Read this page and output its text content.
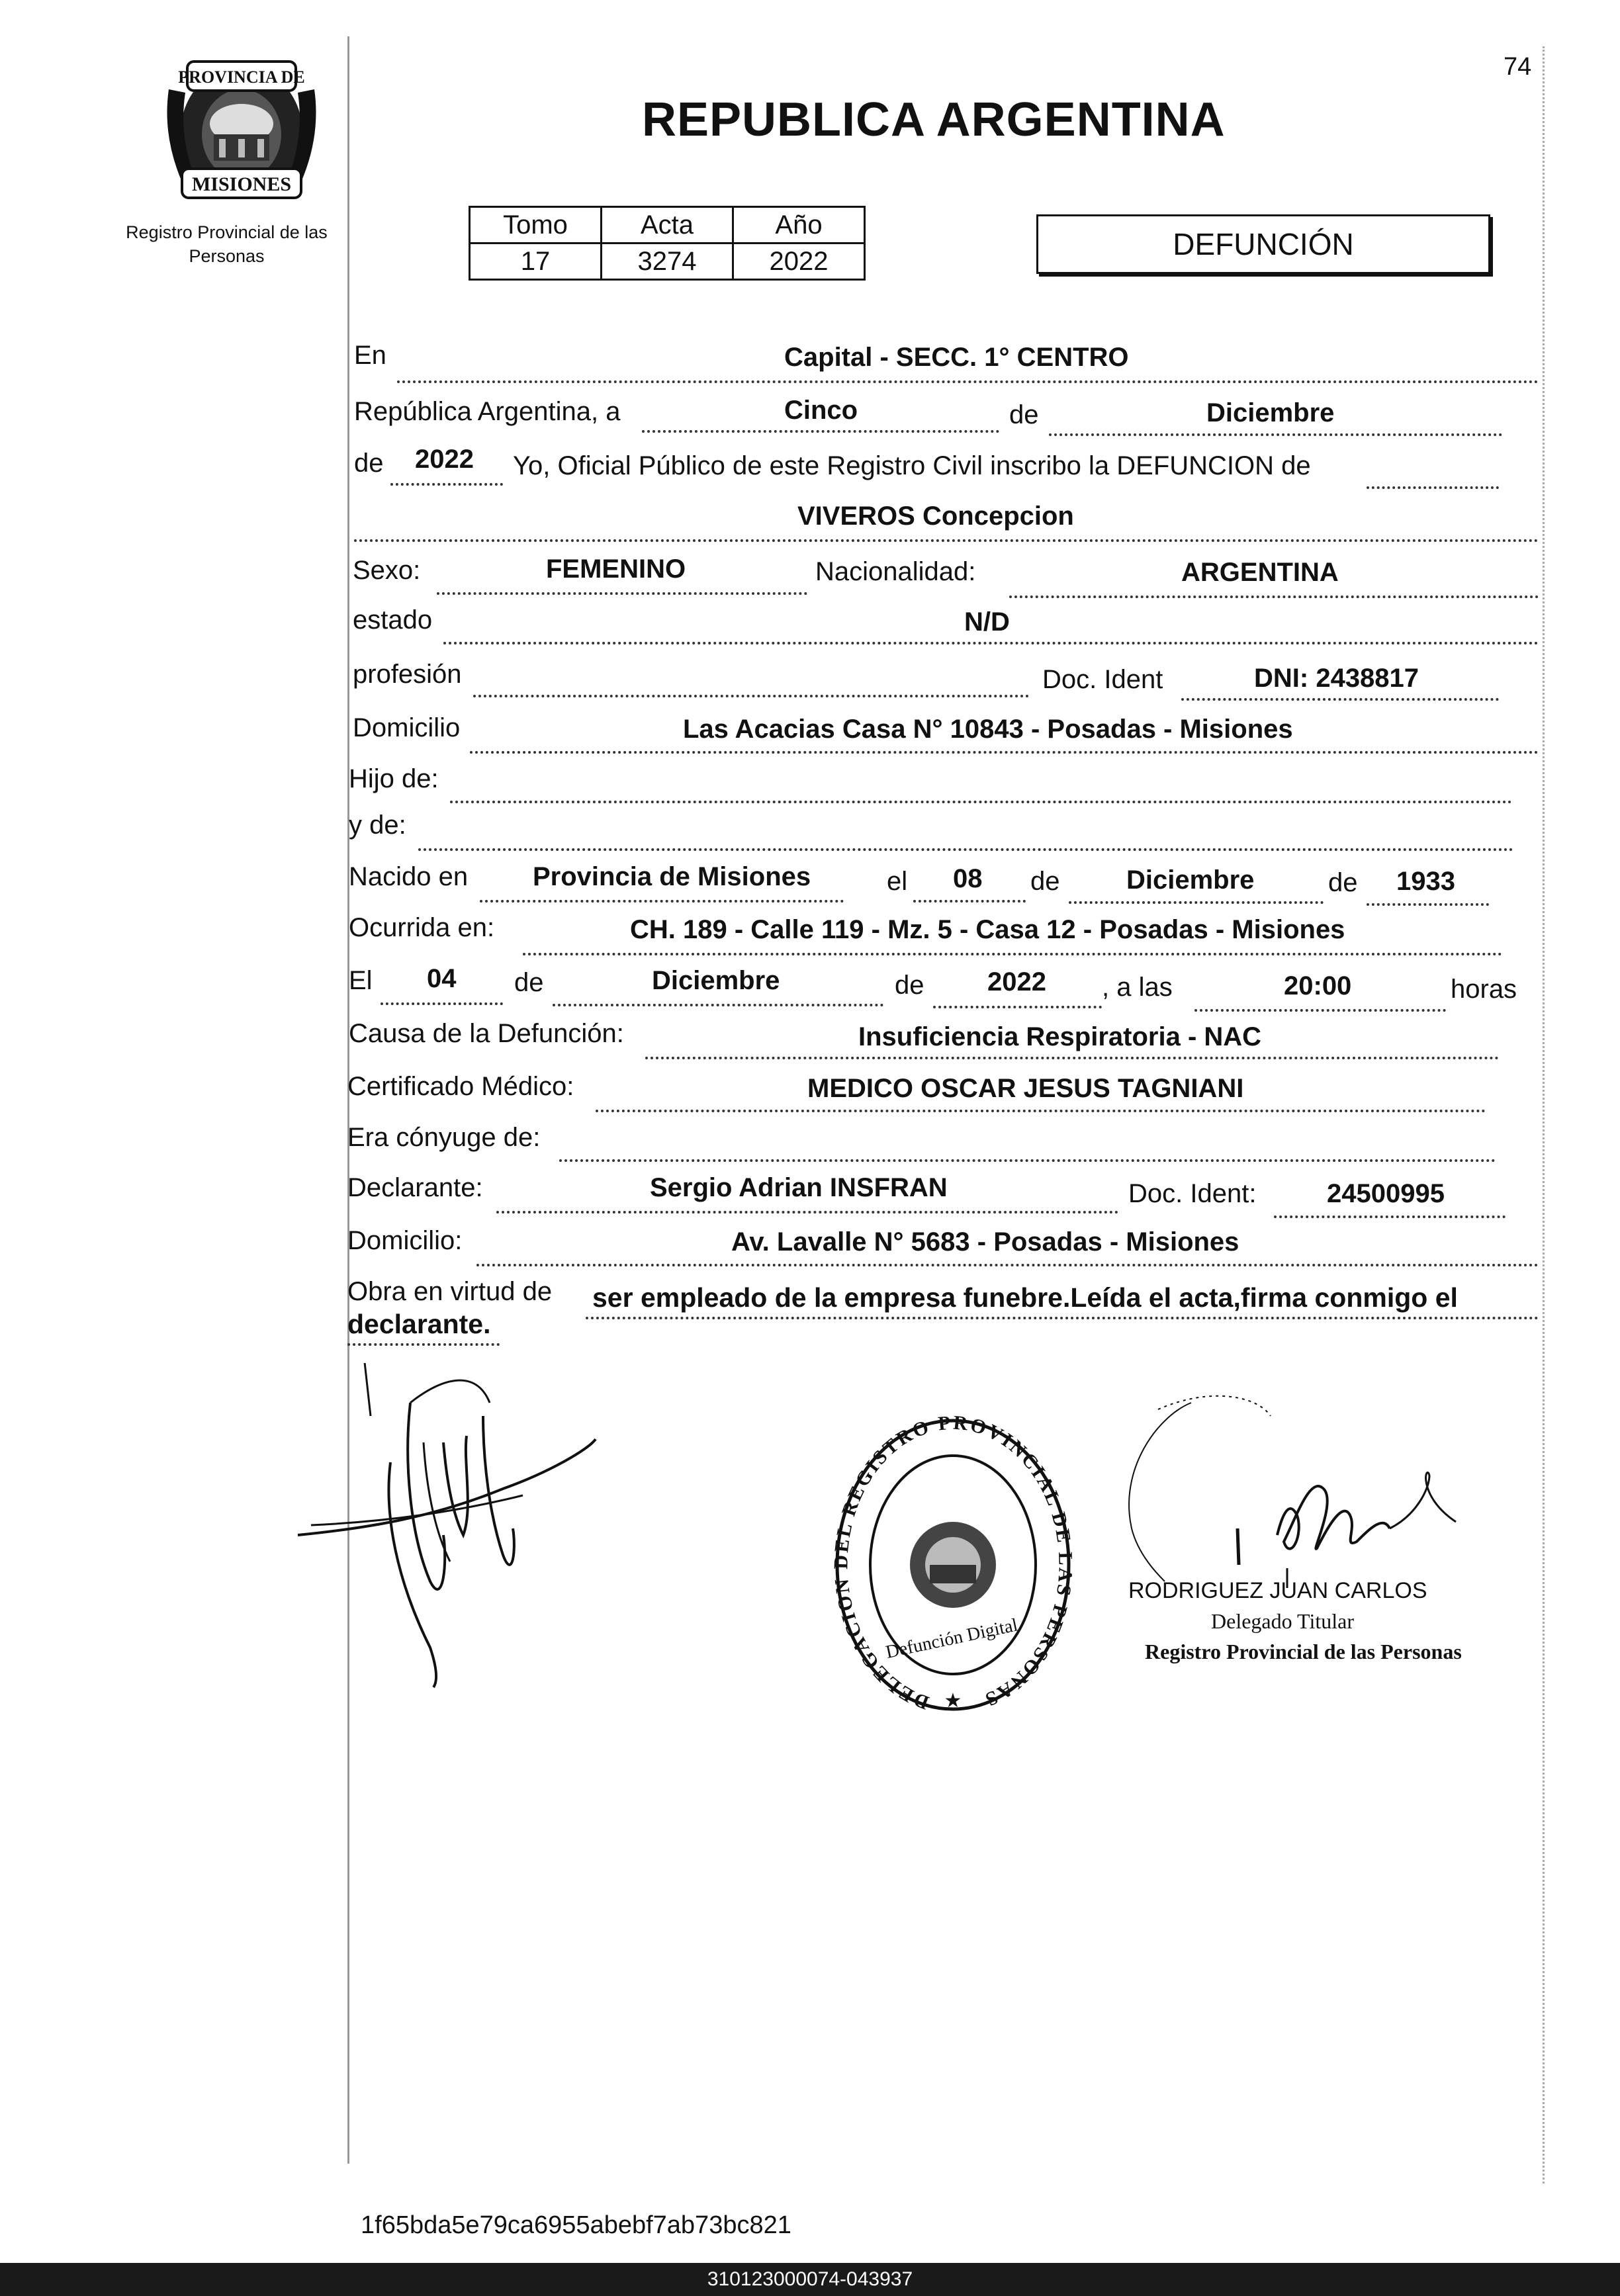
PROVINCIA DE
MISIONES
Registro Provincial de las Personas
74
REPUBLICA ARGENTINA
Tomo	Acta	Año
17	3274	2022	DEFUNCIÓN
En	Capital - SECC. 1° CENTRO
República Argentina, a	Cinco	de	Diciembre
de 2022 Yo, Oficial Público de este Registro Civil inscribo la DEFUNCION de
VIVEROS Concepcion
Sexo:	FEMENINO	Nacionalidad:	ARGENTINA
estado	N/D
profesión	Doc. Ident	DNI: 2438817
Domicilio	Las Acacias Casa N° 10843 - Posadas - Misiones
Hijo de:
y de:
Nacido en Provincia de Misiones	el 08 de	Diciembre	de 1933
Ocurrida en:	CH. 189 - Calle 119 - Mz. 5 - Casa 12 - Posadas - Misiones
El 04 de	Diciembre	de 2022 , a las	20:00	horas
Causa de la Defunción:	Insuficiencia Respiratoria - NAC
Certificado Médico:	MEDICO OSCAR JESUS TAGNIANI
Era cónyuge de:
Declarante:	Sergio Adrian INSFRAN	Doc. Ident:	24500995
Domicilio:	Av. Lavalle N° 5683 - Posadas - Misiones
Obra en virtud de ser empleado de la empresa funebre.Leída el acta,firma conmigo el
declarante.
DELEGACION DEL REGISTRO PROVINCIAL DE LAS PERSONAS
Defunción Digital
★
RODRIGUEZ JUAN CARLOS
Delegado Titular
Registro Provincial de las Personas
1f65bda5e79ca6955abebf7ab73bc821
310123000074-043937
